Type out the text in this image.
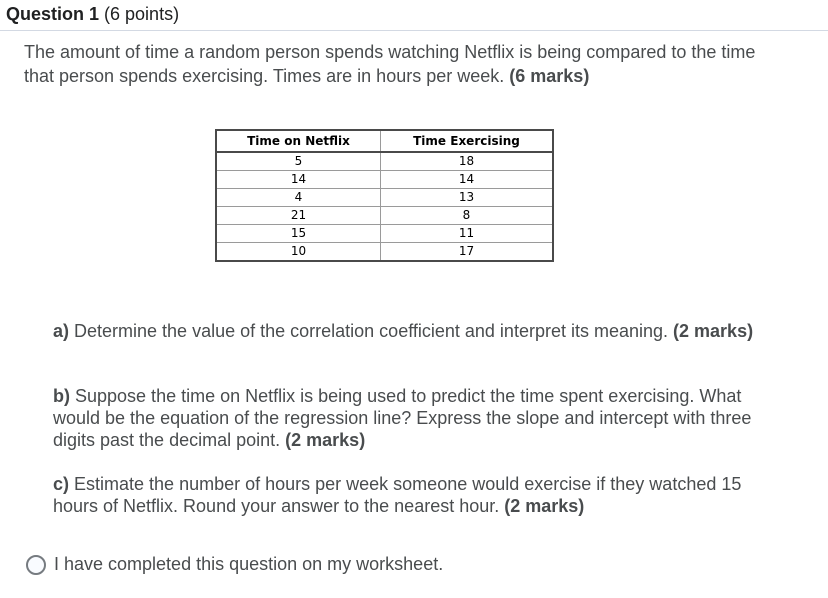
Question 1 (6 points)
The amount of time a random person spends watching Netflix is being compared to the time that person spends exercising. Times are in hours per week. (6 marks)
Time on Netflix	Time Exercising
5	18
14	14
4	13
21	8
15	11
10	17
a) Determine the value of the correlation coefficient and interpret its meaning. (2 marks)
b) Suppose the time on Netflix is being used to predict the time spent exercising. What would be the equation of the regression line? Express the slope and intercept with three digits past the decimal point. (2 marks)
c) Estimate the number of hours per week someone would exercise if they watched 15 hours of Netflix. Round your answer to the nearest hour. (2 marks)
I have completed this question on my worksheet.
